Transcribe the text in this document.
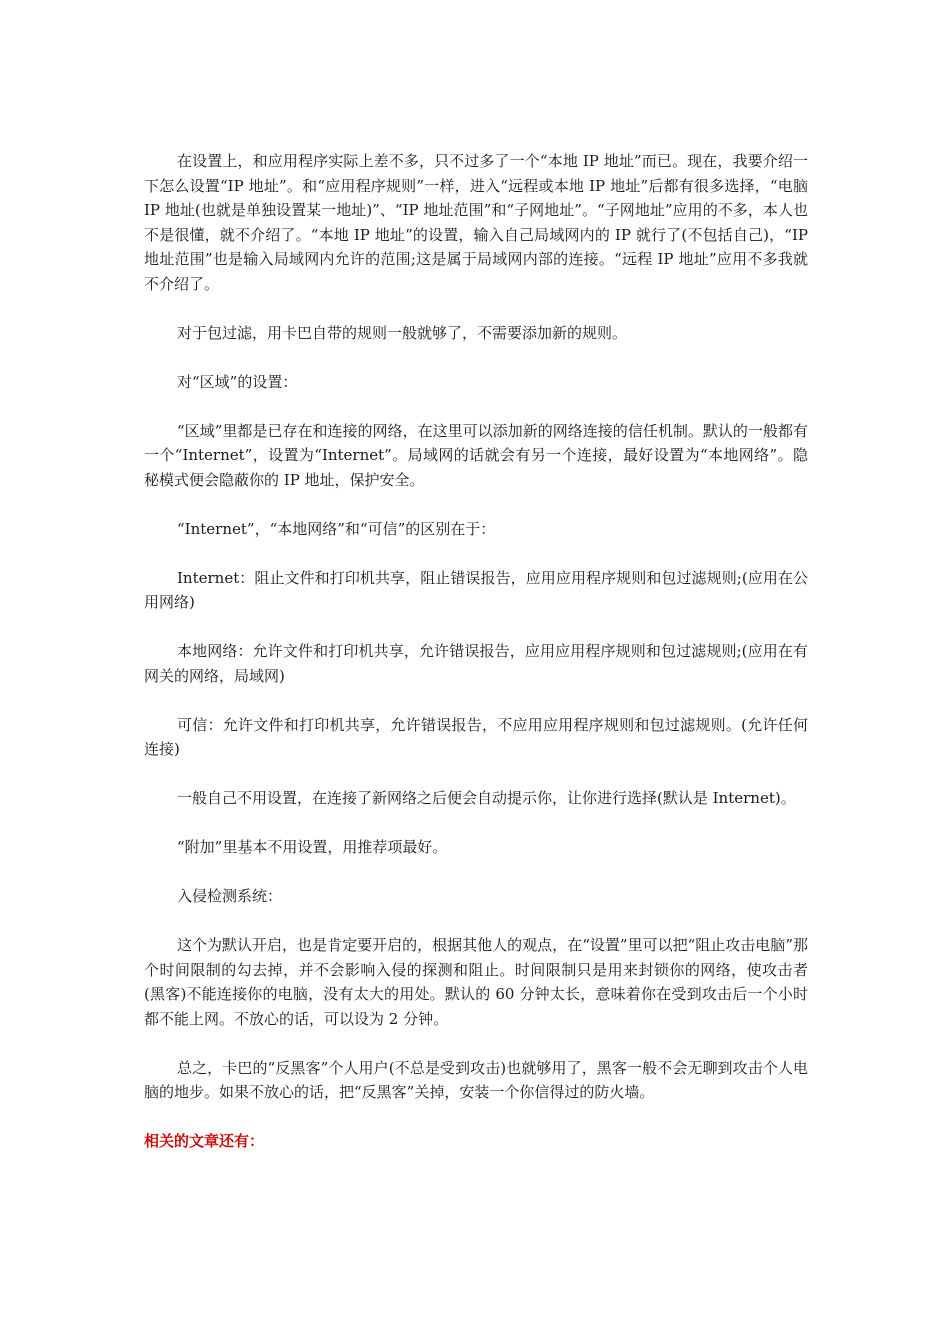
在设置上，和应用程序实际上差不多，只不过多了一个“本地 IP 地址”而已。现在，我要介绍一下怎么设置“IP 地址”。和“应用程序规则”一样，进入“远程或本地 IP 地址”后都有很多选择，“电脑 IP 地址(也就是单独设置某一地址)”、“IP 地址范围”和“子网地址”。“子网地址”应用的不多，本人也不是很懂，就不介绍了。“本地 IP 地址”的设置，输入自己局域网内的 IP 就行了(不包括自己)，“IP 地址范围”也是输入局域网内允许的范围;这是属于局域网内部的连接。“远程 IP 地址”应用不多我就不介绍了。

对于包过滤，用卡巴自带的规则一般就够了，不需要添加新的规则。

对“区域”的设置：

“区域”里都是已存在和连接的网络，在这里可以添加新的网络连接的信任机制。默认的一般都有一个“Internet”，设置为“Internet”。局域网的话就会有另一个连接，最好设置为“本地网络”。隐秘模式便会隐蔽你的 IP 地址，保护安全。

“Internet”，“本地网络”和“可信”的区别在于：

Internet：阻止文件和打印机共享，阻止错误报告，应用应用程序规则和包过滤规则;(应用在公用网络)

本地网络：允许文件和打印机共享，允许错误报告，应用应用程序规则和包过滤规则;(应用在有网关的网络，局域网)

可信：允许文件和打印机共享，允许错误报告，不应用应用程序规则和包过滤规则。(允许任何连接)

一般自己不用设置，在连接了新网络之后便会自动提示你，让你进行选择(默认是 Internet)。

“附加”里基本不用设置，用推荐项最好。

入侵检测系统：

这个为默认开启，也是肯定要开启的，根据其他人的观点，在“设置”里可以把“阻止攻击电脑”那个时间限制的勾去掉，并不会影响入侵的探测和阻止。时间限制只是用来封锁你的网络，使攻击者(黑客)不能连接你的电脑，没有太大的用处。默认的 60 分钟太长，意味着你在受到攻击后一个小时都不能上网。不放心的话，可以设为 2 分钟。

总之，卡巴的“反黑客”个人用户(不总是受到攻击)也就够用了，黑客一般不会无聊到攻击个人电脑的地步。如果不放心的话，把“反黑客”关掉，安装一个你信得过的防火墙。

相关的文章还有：
